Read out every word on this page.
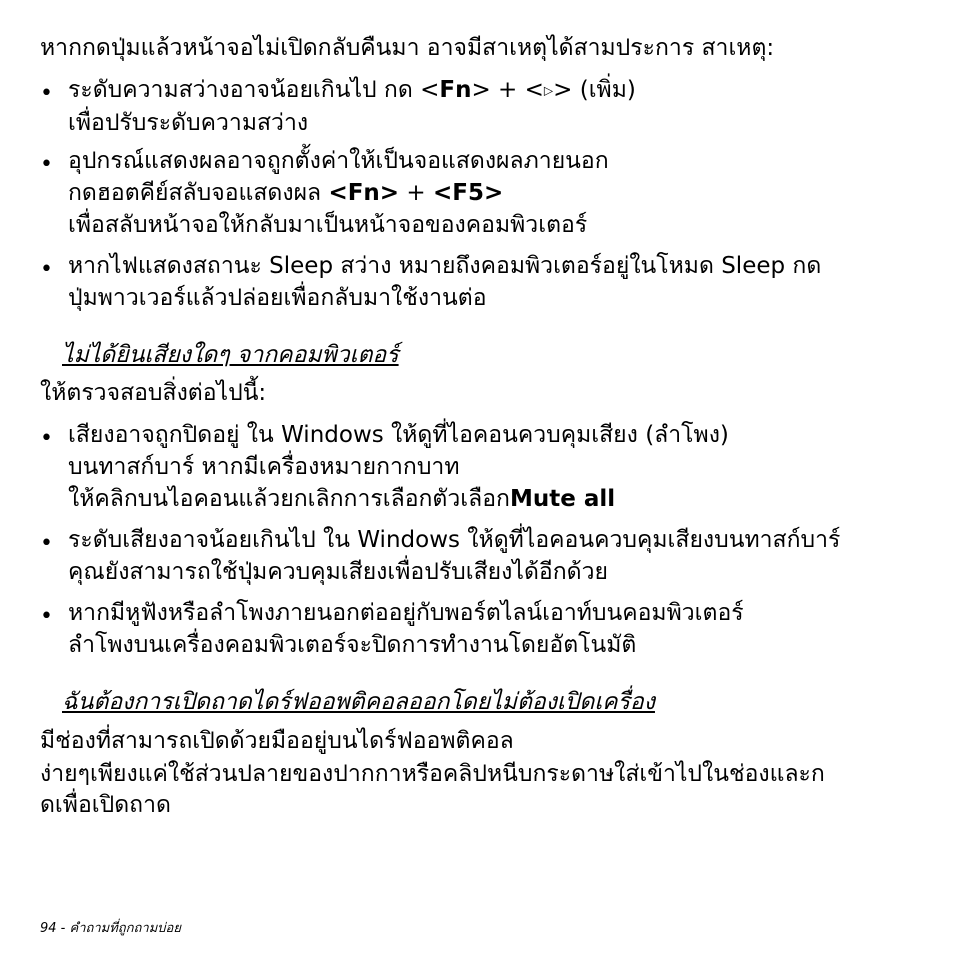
หากกดปุ่มแล้วหน้าจอไม่เปิดกลับคืนมา อาจมีสาเหตุได้สามประการ สาเหตุ:

• ระดับความสว่างอาจน้อยเกินไป กด <Fn> + <▷> (เพิ่ม)
เพื่อปรับระดับความสว่าง
• อุปกรณ์แสดงผลอาจถูกตั้งค่าให้เป็นจอแสดงผลภายนอก
กดฮอตคีย์สลับจอแสดงผล <Fn> + <F5>
เพื่อสลับหน้าจอให้กลับมาเป็นหน้าจอของคอมพิวเตอร์
• หากไฟแสดงสถานะ Sleep สว่าง หมายถึงคอมพิวเตอร์อยู่ในโหมด Sleep กด
ปุ่มพาวเวอร์แล้วปล่อยเพื่อกลับมาใช้งานต่อ
ไม่ได้ยินเสียงใดๆ จากคอมพิวเตอร์

ให้ตรวจสอบสิ่งต่อไปนี้:

• เสียงอาจถูกปิดอยู่ ใน Windows ให้ดูที่ไอคอนควบคุมเสียง (ลำโพง)
บนทาสก์บาร์ หากมีเครื่องหมายกากบาท
ให้คลิกบนไอคอนแล้วยกเลิกการเลือกตัวเลือกMute all
• ระดับเสียงอาจน้อยเกินไป ใน Windows ให้ดูที่ไอคอนควบคุมเสียงบนทาสก์บาร์
คุณยังสามารถใช้ปุ่มควบคุมเสียงเพื่อปรับเสียงได้อีกด้วย
• หากมีหูฟังหรือลำโพงภายนอกต่ออยู่กับพอร์ตไลน์เอาท์บนคอมพิวเตอร์
ลำโพงบนเครื่องคอมพิวเตอร์จะปิดการทำงานโดยอัตโนมัติ
ฉันต้องการเปิดถาดไดร์ฟออพติคอลออกโดยไม่ต้องเปิดเครื่อง

มีช่องที่สามารถเปิดด้วยมืออยู่บนไดร์ฟออพติคอล

ง่ายๆเพียงแค่ใช้ส่วนปลายของปากกาหรือคลิปหนีบกระดาษใส่เข้าไปในช่องและก

ดเพื่อเปิดถาด

94 - คำถามที่ถูกถามบ่อย
